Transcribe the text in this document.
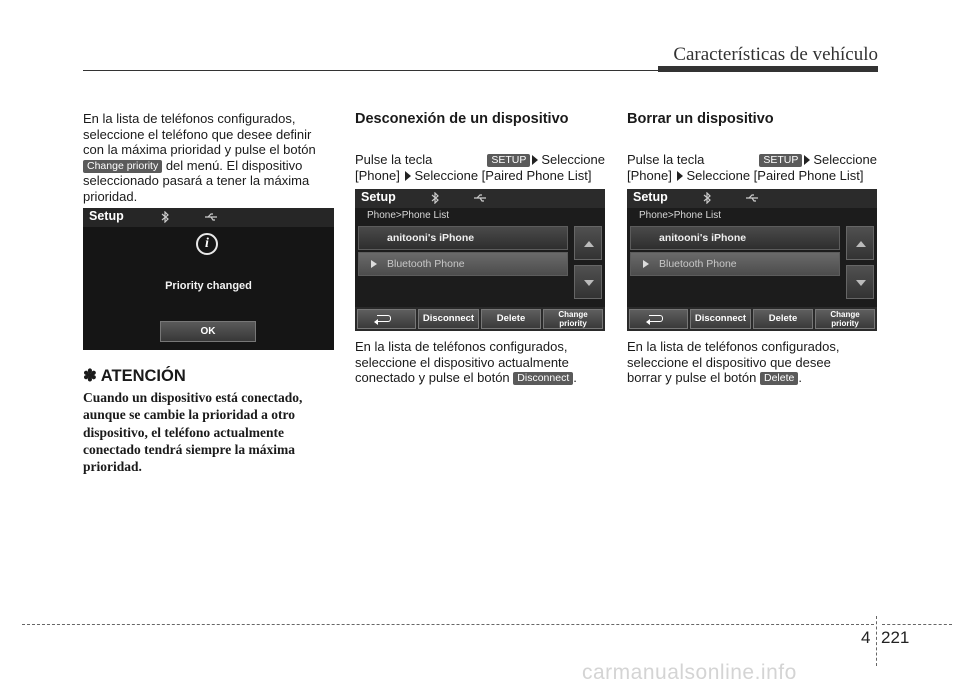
Características de vehículo
En la lista de teléfonos configurados,
seleccione el teléfono que desee definir
con la máxima prioridad y pulse el botón
Change priority del menú. El dispositivo
seleccionado pasará a tener la máxima
prioridad.
Setup
i
Priority changed
OK
✽ ATENCIÓN
Cuando un dispositivo está conectado,
aunque se cambie la prioridad a otro
dispositivo, el teléfono actualmente
conectado tendrá siempre la máxima
prioridad.
Desconexión de un dispositivo
Pulse la tecla	SETUP Seleccione
[Phone] Seleccione [Paired Phone List]
Setup
Phone>Phone List
anitooni's iPhone
Bluetooth Phone
Disconnect	Delete	Change
priority
En la lista de teléfonos configurados,
seleccione el dispositivo actualmente
conectado y pulse el botón Disconnect .
Borrar un dispositivo
Pulse la tecla	SETUP Seleccione
[Phone] Seleccione [Paired Phone List]
Setup
Phone>Phone List
anitooni's iPhone
Bluetooth Phone
Disconnect	Delete	Change
priority
En la lista de teléfonos configurados,
seleccione el dispositivo que desee
borrar y pulse el botón Delete .
4 221
carmanualsonline.info
